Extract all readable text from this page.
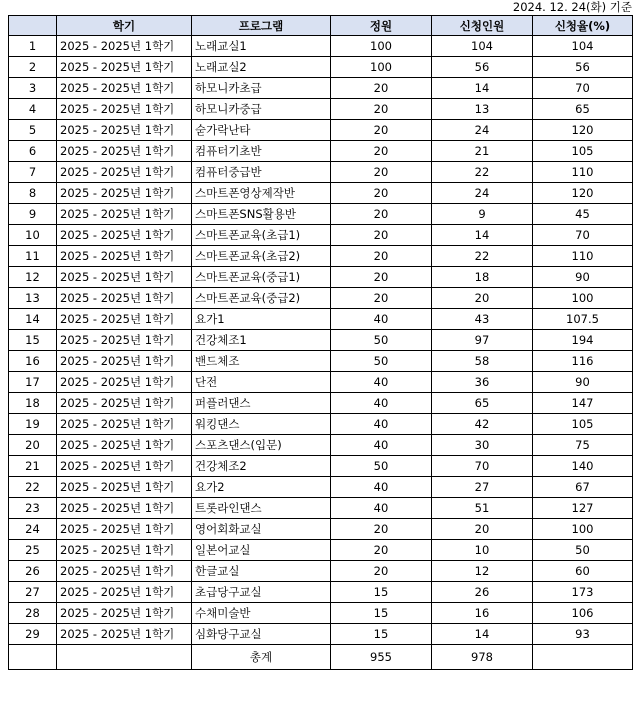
2024. 12. 24(화) 기준
	학기	프로그램	정원	신청인원	신청율(%)
1	2025 - 2025년 1학기	노래교실1	100	104	104
2	2025 - 2025년 1학기	노래교실2	100	56	56
3	2025 - 2025년 1학기	하모니카초급	20	14	70
4	2025 - 2025년 1학기	하모니카중급	20	13	65
5	2025 - 2025년 1학기	숟가락난타	20	24	120
6	2025 - 2025년 1학기	컴퓨터기초반	20	21	105
7	2025 - 2025년 1학기	컴퓨터중급반	20	22	110
8	2025 - 2025년 1학기	스마트폰영상제작반	20	24	120
9	2025 - 2025년 1학기	스마트폰SNS활용반	20	9	45
10	2025 - 2025년 1학기	스마트폰교육(초급1)	20	14	70
11	2025 - 2025년 1학기	스마트폰교육(초급2)	20	22	110
12	2025 - 2025년 1학기	스마트폰교육(중급1)	20	18	90
13	2025 - 2025년 1학기	스마트폰교육(중급2)	20	20	100
14	2025 - 2025년 1학기	요가1	40	43	107.5
15	2025 - 2025년 1학기	건강체조1	50	97	194
16	2025 - 2025년 1학기	밴드체조	50	58	116
17	2025 - 2025년 1학기	단전	40	36	90
18	2025 - 2025년 1학기	퍼플러댄스	40	65	147
19	2025 - 2025년 1학기	워킹댄스	40	42	105
20	2025 - 2025년 1학기	스포츠댄스(입문)	40	30	75
21	2025 - 2025년 1학기	건강체조2	50	70	140
22	2025 - 2025년 1학기	요가2	40	27	67
23	2025 - 2025년 1학기	트롯라인댄스	40	51	127
24	2025 - 2025년 1학기	영어회화교실	20	20	100
25	2025 - 2025년 1학기	일본어교실	20	10	50
26	2025 - 2025년 1학기	한글교실	20	12	60
27	2025 - 2025년 1학기	초급당구교실	15	26	173
28	2025 - 2025년 1학기	수채미술반	15	16	106
29	2025 - 2025년 1학기	심화당구교실	15	14	93
		총계	955	978	
